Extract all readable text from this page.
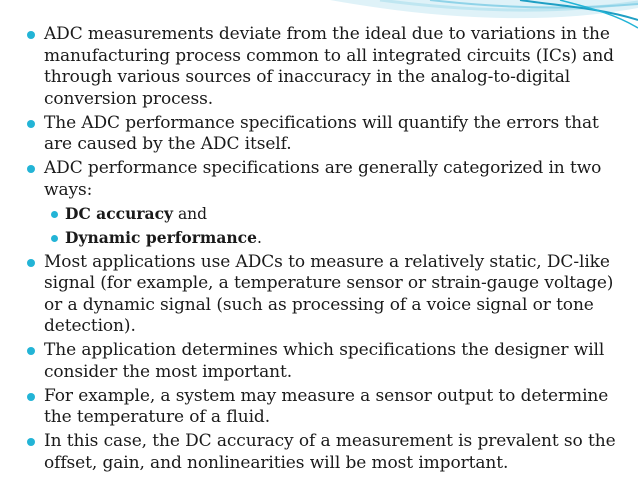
ADC measurements deviate from the ideal due to variations in the manufacturing process common to all integrated circuits (ICs) and through various sources of inaccuracy in the analog-to-digital conversion process.
The ADC performance specifications will quantify the errors that are caused by the ADC itself.
ADC performance specifications are generally categorized in two ways:
DC accuracy and
Dynamic performance.
Most applications use ADCs to measure a relatively static, DC-like signal (for example, a temperature sensor or strain-gauge voltage) or a dynamic signal (such as processing of a voice signal or tone detection).
The application determines which specifications the designer will consider the most important.
For example, a system may measure a sensor output to determine the temperature of a fluid.
In this case, the DC accuracy of a measurement is prevalent so the offset, gain, and nonlinearities will be most important.
